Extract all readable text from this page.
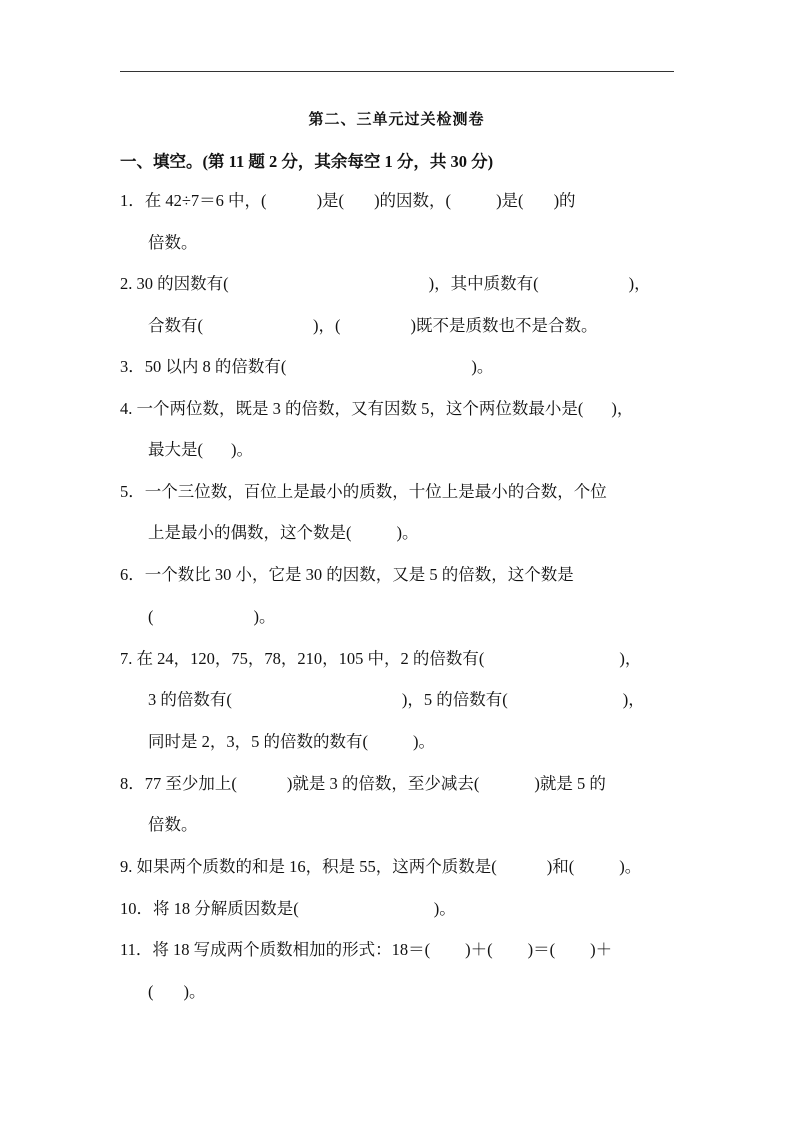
第二、三单元过关检测卷
一、填空。(第 11 题 2 分，其余每空 1 分，共 30 分)
1．在 42÷7＝6 中，(	)是( )的因数，(	)是( )的
倍数。
2. 30 的因数有(	)，其中质数有(	)，
合数有(	)，(	)既不是质数也不是合数。
3．50 以内 8 的倍数有(	)。
4. 一个两位数，既是 3 的倍数，又有因数 5，这个两位数最小是( )，
最大是( )。
5．一个三位数，百位上是最小的质数，十位上是最小的合数，个位
上是最小的偶数，这个数是(	)。
6．一个数比 30 小，它是 30 的因数，又是 5 的倍数，这个数是
(	)。
7. 在 24，120，75，78，210，105 中，2 的倍数有(	)，
3 的倍数有(	)，5 的倍数有(	)，
同时是 2，3，5 的倍数的数有(	)。
8．77 至少加上(	)就是 3 的倍数，至少减去(	)就是 5 的
倍数。
9. 如果两个质数的和是 16，积是 55，这两个质数是(	)和(	)。
10．将 18 分解质因数是(	)。
11．将 18 写成两个质数相加的形式：18＝( )＋( )＝( )＋
( )。
